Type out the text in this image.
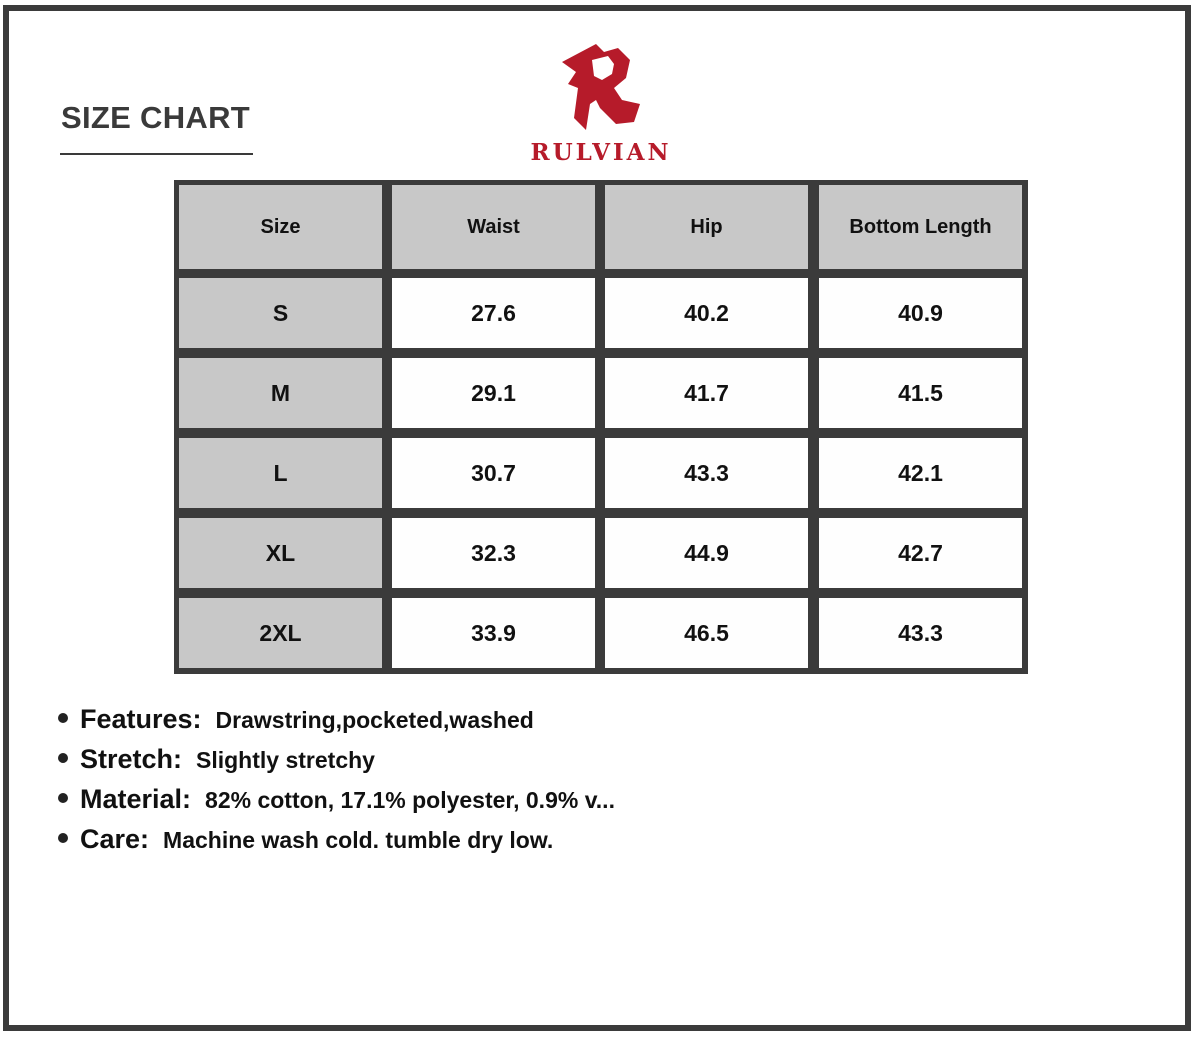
SIZE CHART
RULVIAN
Size	Waist	Hip	Bottom Length
S	27.6	40.2	40.9
M	29.1	41.7	41.5
L	30.7	43.3	42.1
XL	32.3	44.9	42.7
2XL	33.9	46.5	43.3
Features: Drawstring,pocketed,washed
Stretch: Slightly stretchy
Material: 82% cotton, 17.1% polyester, 0.9% v...
Care: Machine wash cold. tumble dry low.
